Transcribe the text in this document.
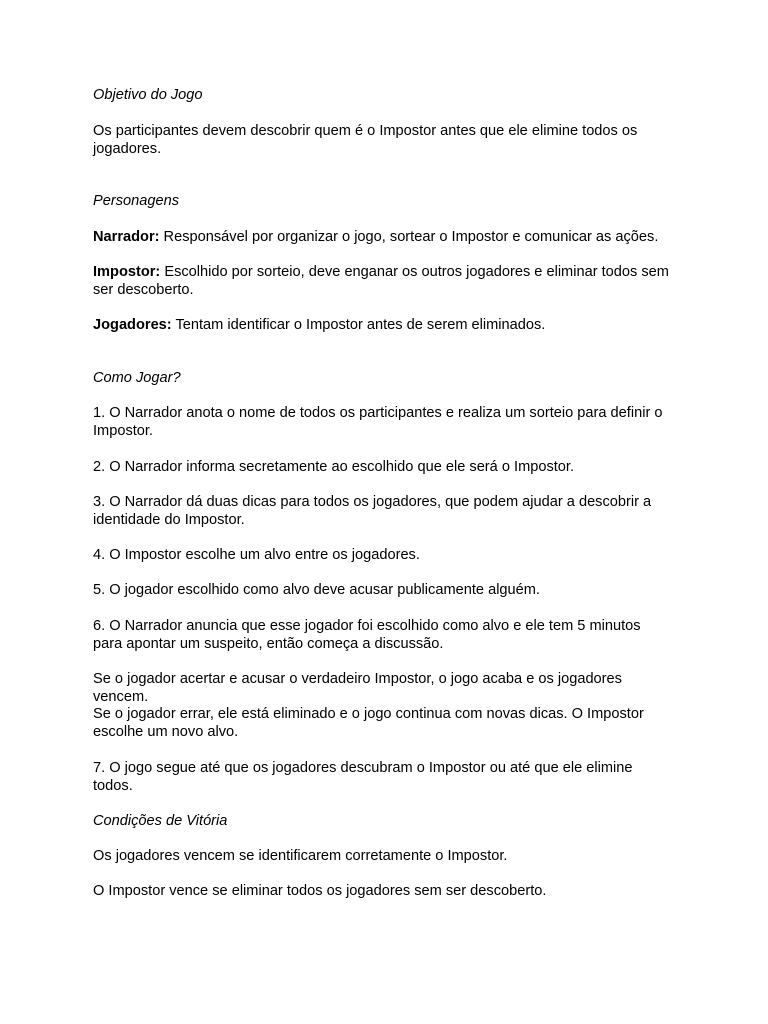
Objetivo do Jogo

Os participantes devem descobrir quem é o Impostor antes que ele elimine todos os jogadores.

Personagens

Narrador: Responsável por organizar o jogo, sortear o Impostor e comunicar as ações.

Impostor: Escolhido por sorteio, deve enganar os outros jogadores e eliminar todos sem ser descoberto.

Jogadores: Tentam identificar o Impostor antes de serem eliminados.

Como Jogar?

1. O Narrador anota o nome de todos os participantes e realiza um sorteio para definir o Impostor.

2. O Narrador informa secretamente ao escolhido que ele será o Impostor.

3. O Narrador dá duas dicas para todos os jogadores, que podem ajudar a descobrir a identidade do Impostor.

4. O Impostor escolhe um alvo entre os jogadores.

5. O jogador escolhido como alvo deve acusar publicamente alguém.

6. O Narrador anuncia que esse jogador foi escolhido como alvo e ele tem 5 minutos para apontar um suspeito, então começa a discussão.

Se o jogador acertar e acusar o verdadeiro Impostor, o jogo acaba e os jogadores vencem.

Se o jogador errar, ele está eliminado e o jogo continua com novas dicas. O Impostor escolhe um novo alvo.

7. O jogo segue até que os jogadores descubram o Impostor ou até que ele elimine todos.

Condições de Vitória

Os jogadores vencem se identificarem corretamente o Impostor.

O Impostor vence se eliminar todos os jogadores sem ser descoberto.
